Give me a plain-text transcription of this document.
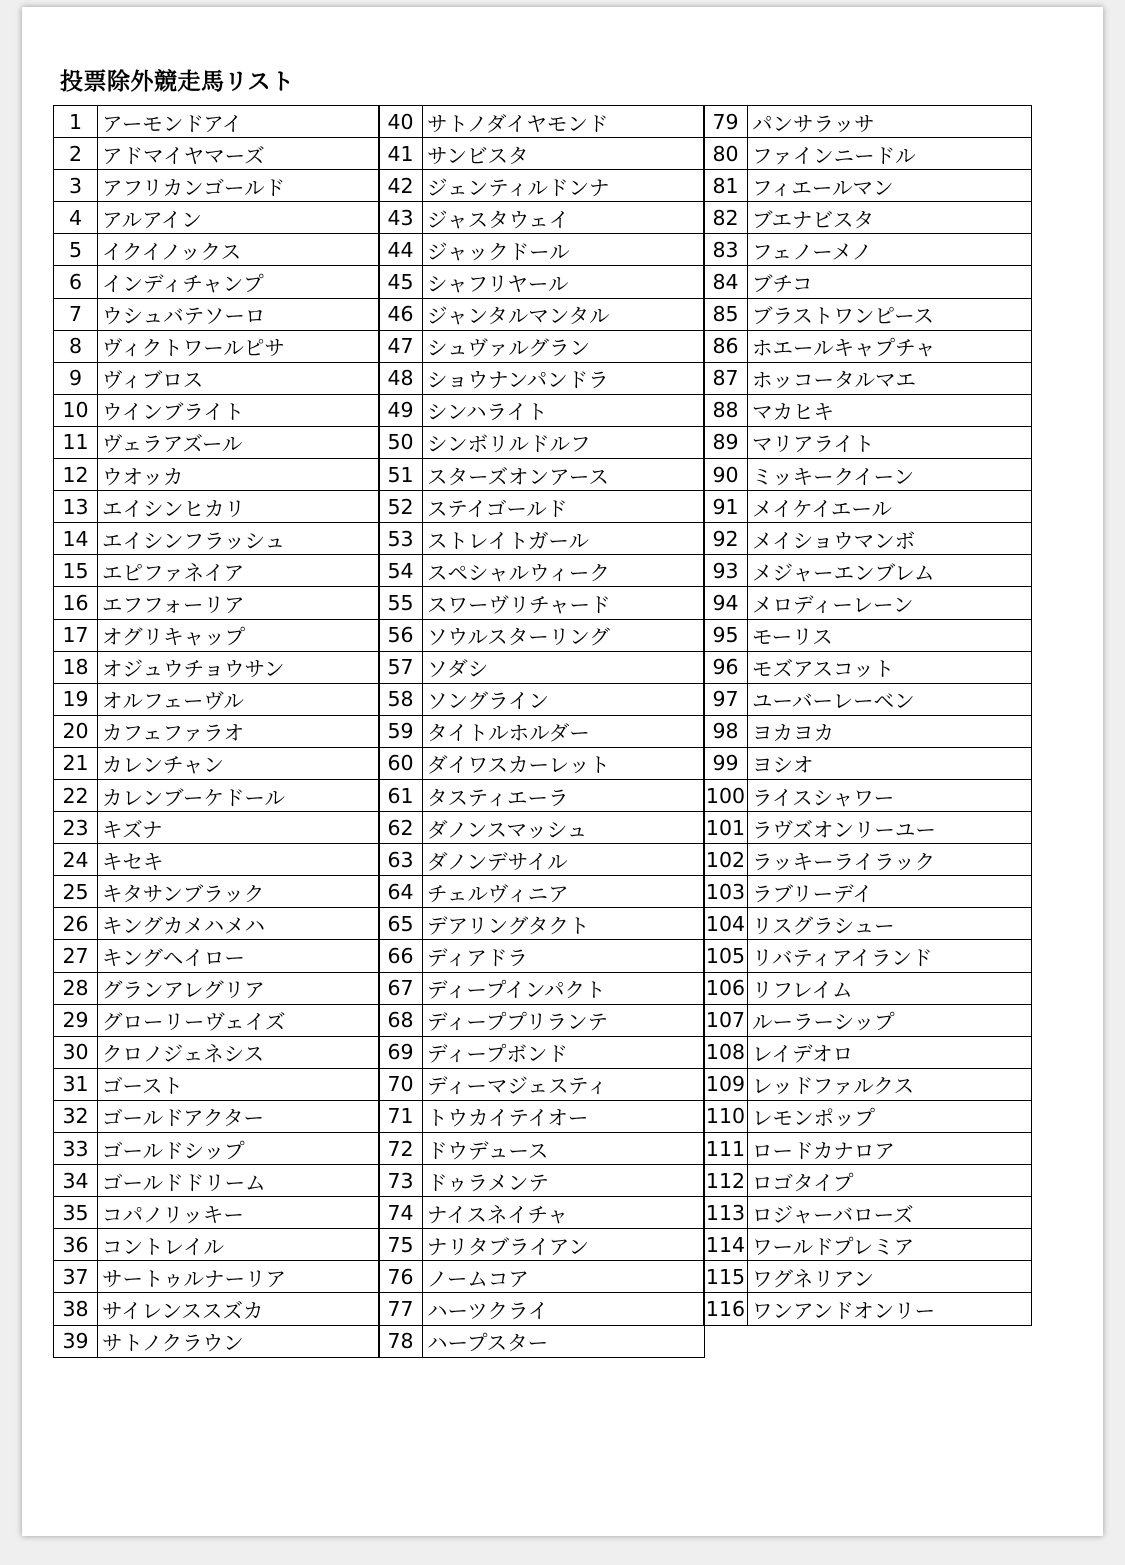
投票除外競走馬リスト
1	アーモンドアイ
2	アドマイヤマーズ
3	アフリカンゴールド
4	アルアイン
5	イクイノックス
6	インディチャンプ
7	ウシュバテソーロ
8	ヴィクトワールピサ
9	ヴィブロス
10	ウインブライト
11	ヴェラアズール
12	ウオッカ
13	エイシンヒカリ
14	エイシンフラッシュ
15	エピファネイア
16	エフフォーリア
17	オグリキャップ
18	オジュウチョウサン
19	オルフェーヴル
20	カフェファラオ
21	カレンチャン
22	カレンブーケドール
23	キズナ
24	キセキ
25	キタサンブラック
26	キングカメハメハ
27	キングヘイロー
28	グランアレグリア
29	グローリーヴェイズ
30	クロノジェネシス
31	ゴースト
32	ゴールドアクター
33	ゴールドシップ
34	ゴールドドリーム
35	コパノリッキー
36	コントレイル
37	サートゥルナーリア
38	サイレンススズカ
39	サトノクラウン
40	サトノダイヤモンド
41	サンビスタ
42	ジェンティルドンナ
43	ジャスタウェイ
44	ジャックドール
45	シャフリヤール
46	ジャンタルマンタル
47	シュヴァルグラン
48	ショウナンパンドラ
49	シンハライト
50	シンボリルドルフ
51	スターズオンアース
52	ステイゴールド
53	ストレイトガール
54	スペシャルウィーク
55	スワーヴリチャード
56	ソウルスターリング
57	ソダシ
58	ソングライン
59	タイトルホルダー
60	ダイワスカーレット
61	タスティエーラ
62	ダノンスマッシュ
63	ダノンデサイル
64	チェルヴィニア
65	デアリングタクト
66	ディアドラ
67	ディープインパクト
68	ディーププリランテ
69	ディープボンド
70	ディーマジェスティ
71	トウカイテイオー
72	ドウデュース
73	ドゥラメンテ
74	ナイスネイチャ
75	ナリタブライアン
76	ノームコア
77	ハーツクライ
78	ハープスター
79	パンサラッサ
80	ファインニードル
81	フィエールマン
82	ブエナビスタ
83	フェノーメノ
84	ブチコ
85	ブラストワンピース
86	ホエールキャプチャ
87	ホッコータルマエ
88	マカヒキ
89	マリアライト
90	ミッキークイーン
91	メイケイエール
92	メイショウマンボ
93	メジャーエンブレム
94	メロディーレーン
95	モーリス
96	モズアスコット
97	ユーバーレーベン
98	ヨカヨカ
99	ヨシオ
100	ライスシャワー
101	ラヴズオンリーユー
102	ラッキーライラック
103	ラブリーデイ
104	リスグラシュー
105	リバティアイランド
106	リフレイム
107	ルーラーシップ
108	レイデオロ
109	レッドファルクス
110	レモンポップ
111	ロードカナロア
112	ロゴタイプ
113	ロジャーバローズ
114	ワールドプレミア
115	ワグネリアン
116	ワンアンドオンリー
